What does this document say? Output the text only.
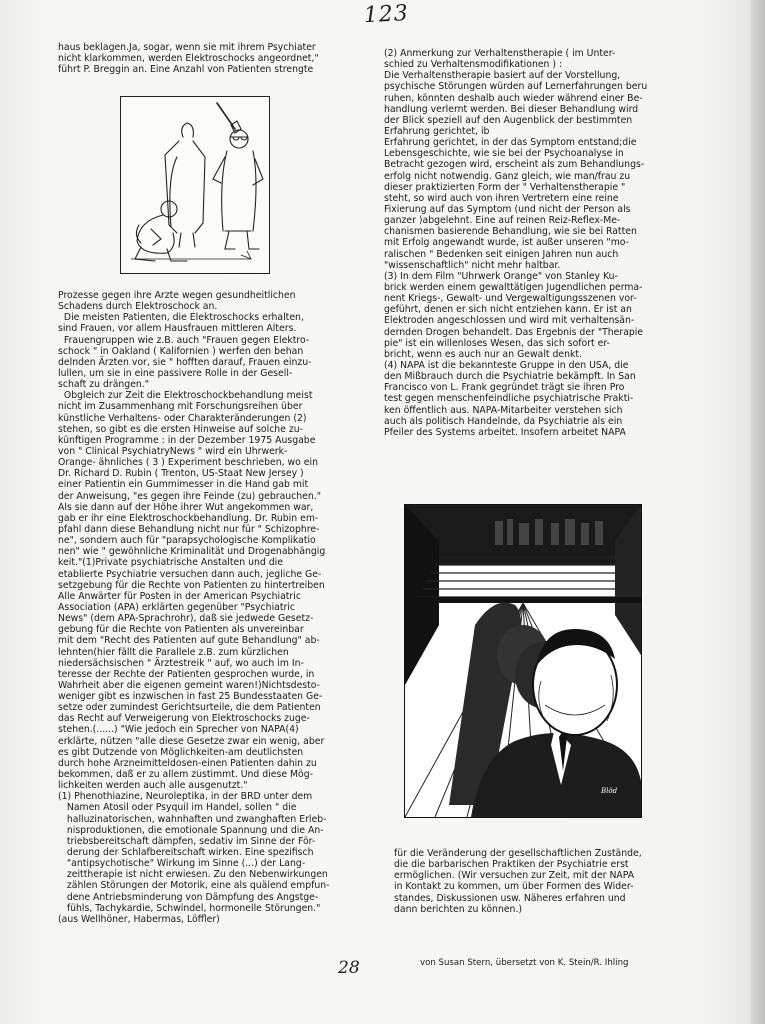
123
haus beklagen.Ja, sogar, wenn sie mit ihrem Psychiater
nicht klarkommen, werden Elektroschocks angeordnet,"
führt P. Breggin an. Eine Anzahl von Patienten strengte
Prozesse gegen ihre Ärzte wegen gesundheitlichen
Schadens durch Elektroschock an.
Die meisten Patienten, die Elektroschocks erhalten,
sind Frauen, vor allem Hausfrauen mittleren Alters.
Frauengruppen wie z.B. auch "Frauen gegen Elektro-
schock " in Oakland ( Kalifornien ) werfen den behan
delnden Ärzten vor, sie " hofften darauf, Frauen einzu-
lullen, um sie in eine passivere Rolle in der Gesell-
schaft zu drängen."
Obgleich zur Zeit die Elektroschockbehandlung meist
nicht im Zusammenhang mit Forschungsreihen über
künstliche Verhaltens- oder Charakteränderungen (2)
stehen, so gibt es die ersten Hinweise auf solche zu-
künftigen Programme : in der Dezember 1975 Ausgabe
von " Clinical PsychiatryNews " wird ein Uhrwerk-
Orange- ähnliches ( 3 ) Experiment beschrieben, wo ein
Dr. Richard D. Rubin ( Trenton, US-Staat New Jersey )
einer Patientin ein Gummimesser in die Hand gab mit
der Anweisung, "es gegen ihre Feinde (zu) gebrauchen."
Als sie dann auf der Höhe ihrer Wut angekommen war,
gab er ihr eine Elektroschockbehandlung. Dr. Rubin em-
pfahl dann diese Behandlung nicht nur für " Schizophre-
ne", sondern auch für "parapsychologische Komplikatio
nen" wie " gewöhnliche Kriminalität und Drogenabhängig
keit."(1)Private psychiatrische Anstalten und die
etablierte Psychiatrie versuchen dann auch, jegliche Ge-
setzgebung für die Rechte von Patienten zu hintertreiben
Alle Anwärter für Posten in der American Psychiatric
Association (APA) erklärten gegenüber "Psychiatric
News" (dem APA-Sprachrohr), daß sie jedwede Gesetz-
gebung für die Rechte von Patienten als unvereinbar
mit dem "Recht des Patienten auf gute Behandlung" ab-
lehnten(hier fällt die Parallele z.B. zum kürzlichen
niedersächsischen " Ärztestreik " auf, wo auch im In-
teresse der Rechte der Patienten gesprochen wurde, in
Wahrheit aber die eigenen gemeint waren!)Nichtsdesto-
weniger gibt es inzwischen in fast 25 Bundesstaaten Ge-
setze oder zumindest Gerichtsurteile, die dem Patienten
das Recht auf Verweigerung von Elektroschocks zuge-
stehen.(......) "Wie jedoch ein Sprecher von NAPA(4)
erklärte, nützen "alle diese Gesetze zwar ein wenig, aber
es gibt Dutzende von Möglichkeiten-am deutlichsten
durch hohe Arzneimitteldosen-einen Patienten dahin zu
bekommen, daß er zu allem zustimmt. Und diese Mög-
lichkeiten werden auch alle ausgenutzt."
(1) Phenothiazine, Neuroleptika, in der BRD unter dem
Namen Atosil oder Psyquil im Handel, sollen " die
halluzinatorischen, wahnhaften und zwanghaften Erleb-
nisproduktionen, die emotionale Spannung und die An-
triebsbereitschaft dämpfen, sedativ im Sinne der För-
derung der Schlafbereitschaft wirken. Eine spezifisch
"antipsychotische" Wirkung im Sinne (...) der Lang-
zeittherapie ist nicht erwiesen. Zu den Nebenwirkungen
zählen Störungen der Motorik, eine als quälend empfun-
dene Antriebsminderung von Dämpfung des Angstge-
fühls, Tachykardie, Schwindel, hormonelle Störungen."
(aus Wellhöner, Habermas, Löffler)
(2) Anmerkung zur Verhaltenstherapie ( im Unter-
schied zu Verhaltensmodifikationen ) :
Die Verhaltenstherapie basiert auf der Vorstellung,
psychische Störungen würden auf Lernerfahrungen beru
ruhen, könnten deshalb auch wieder während einer Be-
handlung verlernt werden. Bei dieser Behandlung wird
der Blick speziell auf den Augenblick der bestimmten
Erfahrung gerichtet, ib
Erfahrung gerichtet, in der das Symptom entstand;die
Lebensgeschichte, wie sie bei der Psychoanalyse in
Betracht gezogen wird, erscheint als zum Behandlungs-
erfolg nicht notwendig. Ganz gleich, wie man/frau zu
dieser praktizierten Form der " Verhaltenstherapie "
steht, so wird auch von ihren Vertretern eine reine
Fixierung auf das Symptom (und nicht der Person als
ganzer )abgelehnt. Eine auf reinen Reiz-Reflex-Me-
chanismen basierende Behandlung, wie sie bei Ratten
mit Erfolg angewandt wurde, ist außer unseren "mo-
ralischen " Bedenken seit einigen Jahren nun auch
"wissenschaftlich" nicht mehr haltbar.
(3) In dem Film "Uhrwerk Orange" von Stanley Ku-
brick werden einem gewalttätigen Jugendlichen perma-
nent Kriegs-, Gewalt- und Vergewaltigungsszenen vor-
geführt, denen er sich nicht entziehen kann. Er ist an
Elektroden angeschlossen und wird mit verhaltensän-
dernden Drogen behandelt. Das Ergebnis der "Therapie
pie" ist ein willenloses Wesen, das sich sofort er-
bricht, wenn es auch nur an Gewalt denkt.
(4) NAPA ist die bekannteste Gruppe in den USA, die
den Mißbrauch durch die Psychiatrie bekämpft. In San
Francisco von L. Frank gegründet trägt sie ihren Pro
test gegen menschenfeindliche psychiatrische Prakti-
ken öffentlich aus. NAPA-Mitarbeiter verstehen sich
auch als politisch Handelnde, da Psychiatrie als ein
Pfeiler des Systems arbeitet. Insofern arbeitet NAPA
Blöd
für die Veränderung der gesellschaftlichen Zustände,
die die barbarischen Praktiken der Psychiatrie erst
ermöglichen. (Wir versuchen zur Zeit, mit der NAPA
in Kontakt zu kommen, um über Formen des Wider-
standes, Diskussionen usw. Näheres erfahren und
dann berichten zu können.)
28	von Susan Stern, übersetzt von K. Stein/R. Ihling
